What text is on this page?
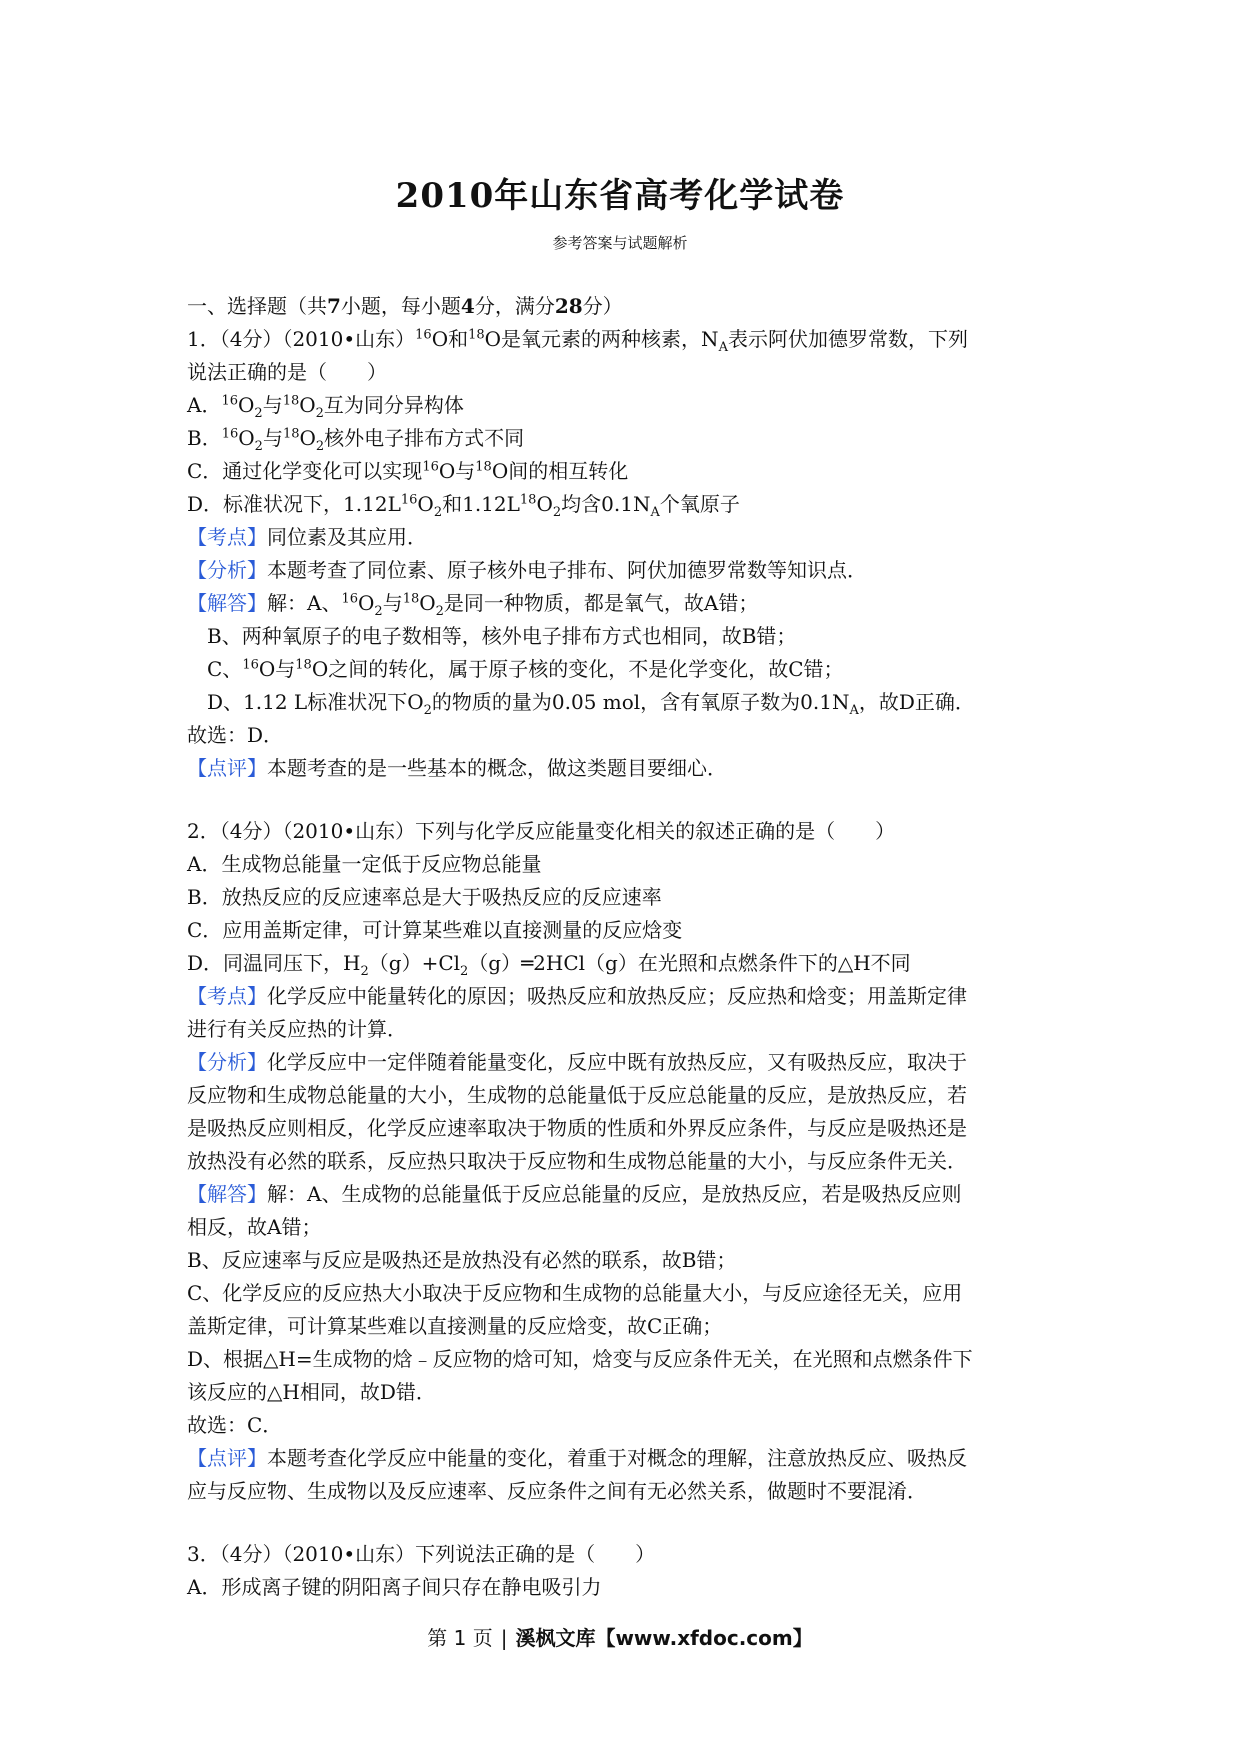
2010年山东省高考化学试卷
参考答案与试题解析
一、选择题（共7小题，每小题4分，满分28分）
1．（4分）（2010•山东）$^{16}$O和$^{18}$O是氧元素的两种核素，$N_A$表示阿伏加德罗常数，下列
说法正确的是（　　）
A．$^{16}O_2$与$^{18}O_2$互为同分异构体
B．$^{16}O_2$与$^{18}O_2$核外电子排布方式不同
C．通过化学变化可以实现$^{16}$O与$^{18}$O间的相互转化
D．标准状况下，$1.12L^{16}O_2$和$1.12L^{18}O_2$均含$0.1N_A$个氧原子
【考点】同位素及其应用．
【分析】本题考查了同位素、原子核外电子排布、阿伏加德罗常数等知识点．
【解答】解：A、$^{16}O_2$与$^{18}O_2$是同一种物质，都是氧气，故A错；
B、两种氧原子的电子数相等，核外电子排布方式也相同，故B错；
C、$^{16}$O与$^{18}$O之间的转化，属于原子核的变化，不是化学变化，故C错；
D、1.12 L标准状况下$O_2$的物质的量为0.05 mol，含有氧原子数为$0.1N_A$，故D正确．
故选：D．
【点评】本题考查的是一些基本的概念，做这类题目要细心．
2．（4分）（2010•山东）下列与化学反应能量变化相关的叙述正确的是（　　）
A．生成物总能量一定低于反应物总能量
B．放热反应的反应速率总是大于吸热反应的反应速率
C．应用盖斯定律，可计算某些难以直接测量的反应焓变
D．同温同压下，$H_2(g)+Cl_2(g)═2HCl(g)$在光照和点燃条件下的△H不同
【考点】化学反应中能量转化的原因；吸热反应和放热反应；反应热和焓变；用盖斯定律
进行有关反应热的计算．
【分析】化学反应中一定伴随着能量变化，反应中既有放热反应，又有吸热反应，取决于
反应物和生成物总能量的大小，生成物的总能量低于反应总能量的反应，是放热反应，若
是吸热反应则相反，化学反应速率取决于物质的性质和外界反应条件，与反应是吸热还是
放热没有必然的联系，反应热只取决于反应物和生成物总能量的大小，与反应条件无关．
【解答】解：A、生成物的总能量低于反应总能量的反应，是放热反应，若是吸热反应则
相反，故A错；
B、反应速率与反应是吸热还是放热没有必然的联系，故B错；
C、化学反应的反应热大小取决于反应物和生成物的总能量大小，与反应途径无关，应用
盖斯定律，可计算某些难以直接测量的反应焓变，故C正确；
D、根据△H=生成物的焓﹣反应物的焓可知，焓变与反应条件无关，在光照和点燃条件下
该反应的△H相同，故D错．
故选：C．
【点评】本题考查化学反应中能量的变化，着重于对概念的理解，注意放热反应、吸热反
应与反应物、生成物以及反应速率、反应条件之间有无必然关系，做题时不要混淆．
3．（4分）（2010•山东）下列说法正确的是（　　）
A．形成离子键的阴阳离子间只存在静电吸引力
第 1 页 | 溪枫文库【www.xfdoc.com】
